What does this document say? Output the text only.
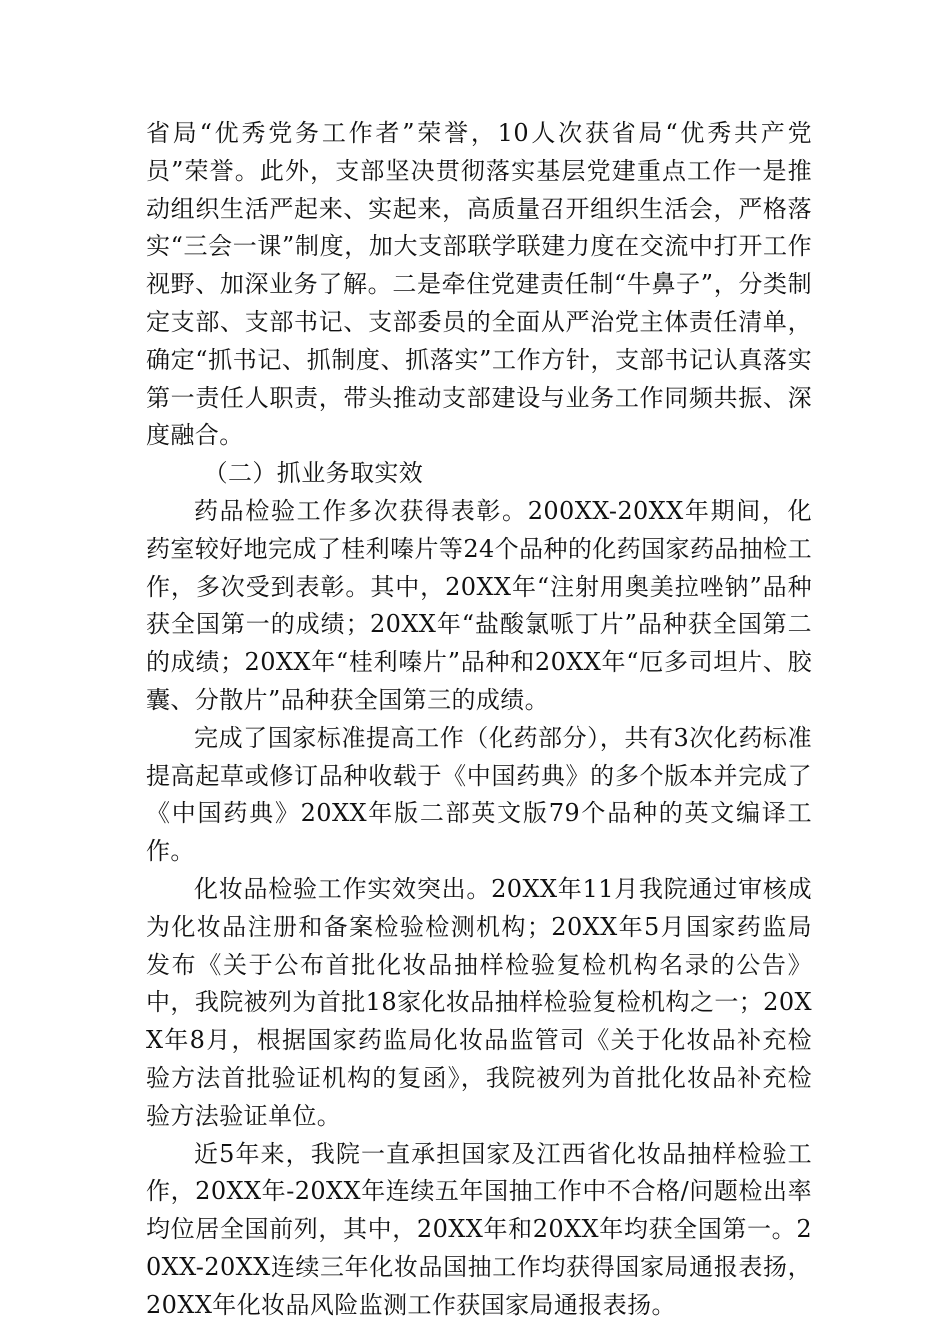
省局“优秀党务工作者”荣誉，10人次获省局“优秀共产党员”荣誉。此外，支部坚决贯彻落实基层党建重点工作一是推动组织生活严起来、实起来，高质量召开组织生活会，严格落实“三会一课”制度，加大支部联学联建力度在交流中打开工作视野、加深业务了解。二是牵住党建责任制“牛鼻子”，分类制定支部、支部书记、支部委员的全面从严治党主体责任清单，确定“抓书记、抓制度、抓落实”工作方针，支部书记认真落实第一责任人职责，带头推动支部建设与业务工作同频共振、深度融合。

（二）抓业务取实效

药品检验工作多次获得表彰。200XX-20XX年期间，化药室较好地完成了桂利嗪片等24个品种的化药国家药品抽检工作，多次受到表彰。其中，20XX年“注射用奥美拉唑钠”品种获全国第一的成绩；20XX年“盐酸氯哌丁片”品种获全国第二的成绩；20XX年“桂利嗪片”品种和20XX年“厄多司坦片、胶囊、分散片”品种获全国第三的成绩。

完成了国家标准提高工作（化药部分），共有3次化药标准提高起草或修订品种收载于《中国药典》的多个版本并完成了《中国药典》20XX年版二部英文版79个品种的英文编译工作。

化妆品检验工作实效突出。20XX年11月我院通过审核成为化妆品注册和备案检验检测机构；20XX年5月国家药监局发布《关于公布首批化妆品抽样检验复检机构名录的公告》中，我院被列为首批18家化妆品抽样检验复检机构之一；20XX年8月，根据国家药监局化妆品监管司《关于化妆品补充检验方法首批验证机构的复函》，我院被列为首批化妆品补充检验方法验证单位。

近5年来，我院一直承担国家及江西省化妆品抽样检验工作，20XX年-20XX年连续五年国抽工作中不合格/问题检出率均位居全国前列，其中，20XX年和20XX年均获全国第一。20XX-20XX连续三年化妆品国抽工作均获得国家局通报表扬，20XX年化妆品风险监测工作获国家局通报表扬。
